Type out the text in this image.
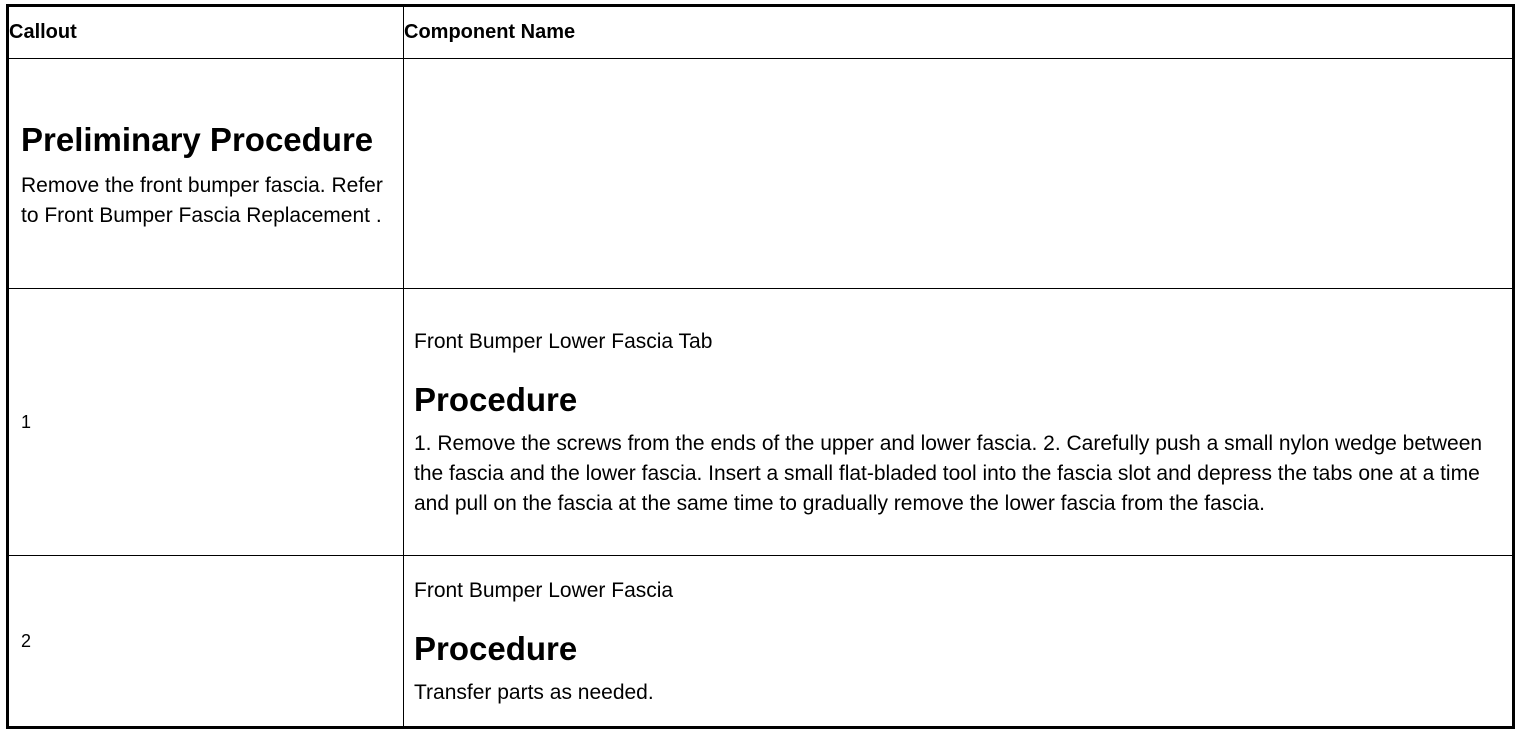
Callout	Component Name

Preliminary Procedure
Remove the front bumper fascia. Refer to Front Bumper Fascia Replacement .	

1	Front Bumper Lower Fascia Tab
Procedure
1. Remove the screws from the ends of the upper and lower fascia. 2. Carefully push a small nylon wedge between the fascia and the lower fascia. Insert a small flat-bladed tool into the fascia slot and depress the tabs one at a time and pull on the fascia at the same time to gradually remove the lower fascia from the fascia.

2	Front Bumper Lower Fascia
Procedure
Transfer parts as needed.
